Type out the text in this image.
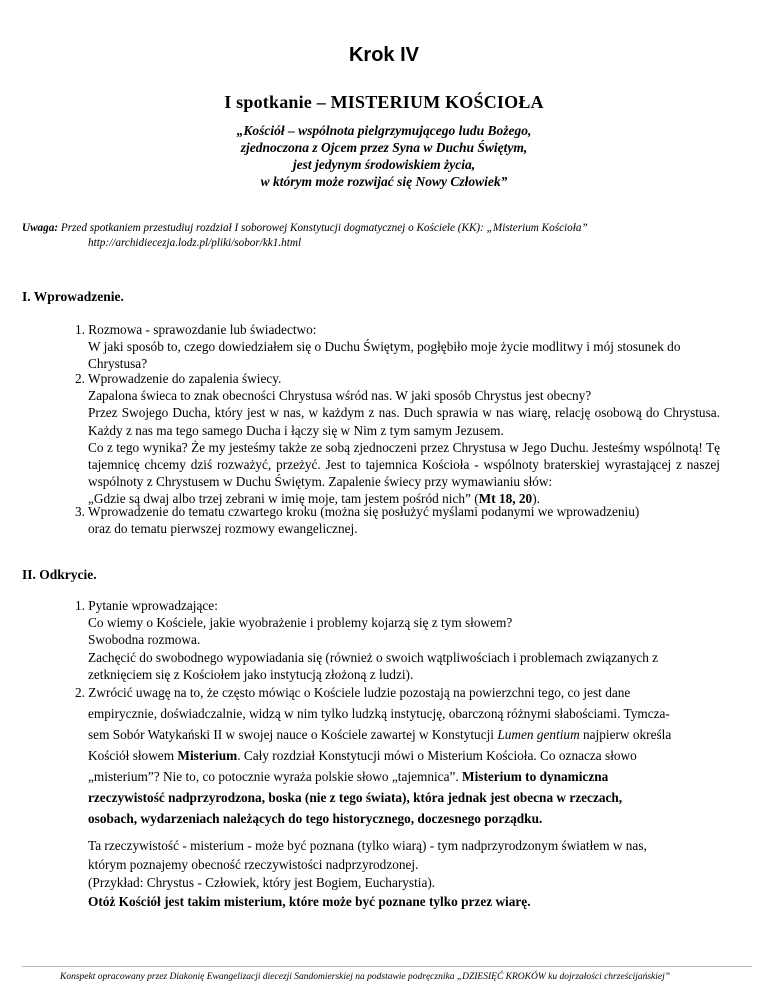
Krok IV
I spotkanie – MISTERIUM KOŚCIOŁA
„Kościół – wspólnota pielgrzymującego ludu Bożego,
zjednoczona z Ojcem przez Syna w Duchu Świętym,
jest jedynym środowiskiem życia,
w którym może rozwijać się Nowy Człowiek”
Uwaga: Przed spotkaniem przestudiuj rozdział I soborowej Konstytucji dogmatycznej o Kościele (KK): „Misterium Kościoła”
http://archidiecezja.lodz.pl/pliki/sobor/kk1.html
I. Wprowadzenie.
1. Rozmowa - sprawozdanie lub świadectwo:
W jaki sposób to, czego dowiedziałem się o Duchu Świętym, pogłębiło moje życie modlitwy i mój stosunek do Chrystusa?
2. Wprowadzenie do zapalenia świecy.
Zapalona świeca to znak obecności Chrystusa wśród nas. W jaki sposób Chrystus jest obecny?
Przez Swojego Ducha, który jest w nas, w każdym z nas. Duch sprawia w nas wiarę, relację osobową do Chrystusa. Każdy z nas ma tego samego Ducha i łączy się w Nim z tym samym Jezusem.
Co z tego wynika? Że my jesteśmy także ze sobą zjednoczeni przez Chrystusa w Jego Duchu. Jesteśmy wspólnotą! Tę tajemnicę chcemy dziś rozważyć, przeżyć. Jest to tajemnica Kościoła - wspólnoty braterskiej wyrastającej z naszej wspólnoty z Chrystusem w Duchu Świętym. Zapalenie świecy przy wymawianiu słów:
„Gdzie są dwaj albo trzej zebrani w imię moje, tam jestem pośród nich” (Mt 18, 20).
3. Wprowadzenie do tematu czwartego kroku (można się posłużyć myślami podanymi we wprowadzeniu)
oraz do tematu pierwszej rozmowy ewangelicznej.
II. Odkrycie.
1. Pytanie wprowadzające:
Co wiemy o Kościele, jakie wyobrażenie i problemy kojarzą się z tym słowem?
Swobodna rozmowa.
Zachęcić do swobodnego wypowiadania się (również o swoich wątpliwościach i problemach związanych z zetknięciem się z Kościołem jako instytucją złożoną z ludzi).
2. Zwrócić uwagę na to, że często mówiąc o Kościele ludzie pozostają na powierzchni tego, co jest dane
empirycznie, doświadczalnie, widzą w nim tylko ludzką instytucję, obarczoną różnymi słabościami. Tymcza-
sem Sobór Watykański II w swojej nauce o Kościele zawartej w Konstytucji Lumen gentium najpierw określa
Kościół słowem Misterium. Cały rozdział Konstytucji mówi o Misterium Kościoła. Co oznacza słowo
„misterium”? Nie to, co potocznie wyraża polskie słowo „tajemnica”. Misterium to dynamiczna
rzeczywistość nadprzyrodzona, boska (nie z tego świata), która jednak jest obecna w rzeczach,
osobach, wydarzeniach należących do tego historycznego, doczesnego porządku.
Ta rzeczywistość - misterium - może być poznana (tylko wiarą) - tym nadprzyrodzonym światłem w nas,
którym poznajemy obecność rzeczywistości nadprzyrodzonej.
(Przykład: Chrystus - Człowiek, który jest Bogiem, Eucharystia).
Otóż Kościół jest takim misterium, które może być poznane tylko przez wiarę.
Konspekt opracowany przez Diakonię Ewangelizacji diecezji Sandomierskiej na podstawie podręcznika „DZIESIĘĆ KROKÓW ku dojrzałości chrześcijańskiej”
